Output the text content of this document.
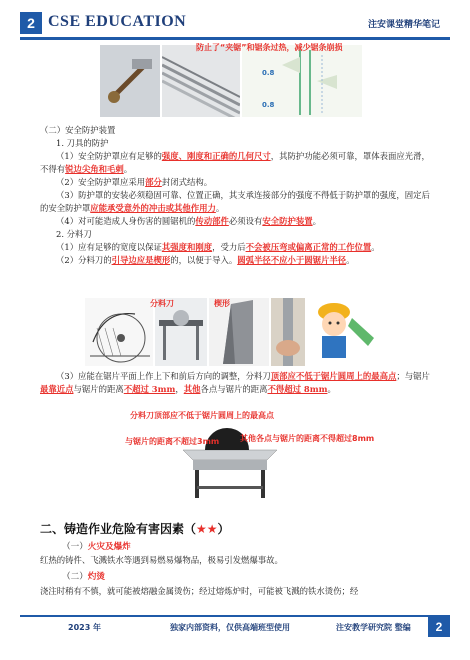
2 CSE EDUCATION	注安课堂精华笔记
0.8
0.8
防止了“夹锯”和锯条过热，减少锯条崩损
（二）安全防护装置
1. 刀具的防护
（1）安全防护罩应有足够的强度、刚度和正确的几何尺寸，其防护功能必须可靠，罩体表面应光滑，不得有锐边尖角和毛刺。
（2）安全防护罩应采用部分封闭式结构。
（3）防护罩的安装必须稳固可靠、位置正确，其支承连接部分的强度不得低于防护罩的强度，固定后的安全防护罩应能承受意外的冲击或其他作用力。
（4）对可能造成人身伤害的圆锯机的传动部件必须设有安全防护装置。
2. 分料刀
（1）应有足够的宽度以保证其强度和刚度，受力后不会被压弯或偏离正常的工作位置。
（2）分料刀的引导边应是楔形的，以便于导入。圆弧半径不应小于圆锯片半径。
分料刀	楔形
（3）应能在锯片平面上作上下和前后方向的调整，分料刀顶部应不低于锯片圆周上的最高点；与锯片最靠近点与锯片的距离不超过 3mm，其他各点与锯片的距离不得超过 8mm。
分料刀顶部应不低于锯片圆周上的最高点
其他各点与锯片的距离不得超过8mm
与锯片的距离不超过3mm
二、铸造作业危险有害因素（★★）
（一）火灾及爆炸
红热的铸件、飞溅铁水等遇到易燃易爆物品，极易引发燃爆事故。
（二）灼烫
浇注时稍有不慎，就可能被熔融金属烫伤；经过熔炼炉时，可能被飞溅的铁水烫伤；经
2023 年	独家内部资料，仅供高端班型使用	注安教学研究院 整编	2
